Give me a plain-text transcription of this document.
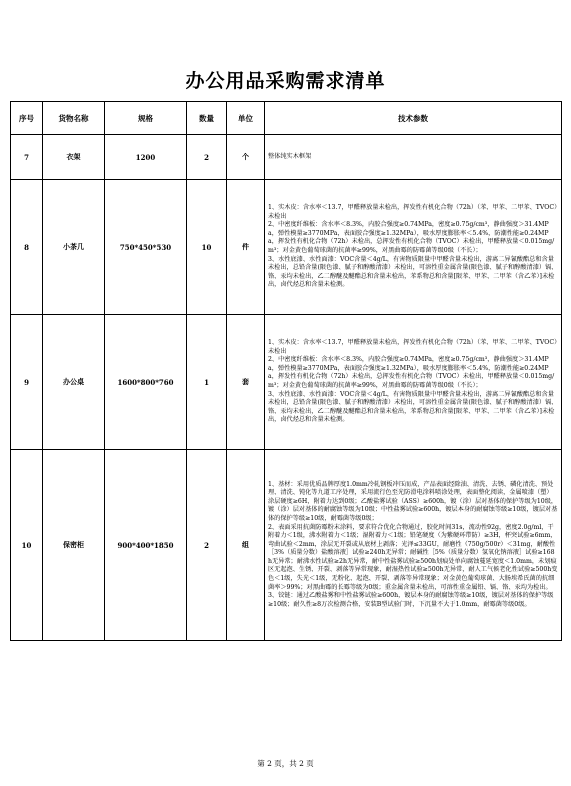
办公用品采购需求清单
序号	货物名称	规格	数量	单位	技术参数
7	衣架	1200	2	个	整体纯实木框架

8	小茶几	750*450*530	10	件	1、实木皮：含水率＜13.7，甲醛释放量未检出，挥发性有机化合物（72h）（苯、甲苯、二甲苯、TVOC）未检出
2、中密度纤维板：含水率＜8.3%，内胶合强度≥0.74MPa，密度≥0.75g/cm³，静曲强度＞31.4MPa，弹性模量≥3770MPa，表面胶合强度≥1.32MPa），吸水厚度膨胀率＜5.4%，防潮性能≥0.24MPa，挥发性有机化合物（72h）未检出，总挥发性有机化合物（TVOC）未检出，甲醛释放量＜0.015mg/m³；对金黄色葡萄球菌的抗菌率≥99%，对黑曲霉的防霉菌等级0级（不长）；
3、水性底漆、水性面漆：VOC含量＜4g/L，有害物质限量中甲醛含量未检出，游离二异氰酸酯总和含量未检出，总铅含量(限色漆、腻子和醇酸清漆）未检出，可溶性重金属含量(限色漆、腻子和醇酸清漆）镉、铬、汞均未检出，乙二醇醚及醚酯总和含量未检出，苯系物总和含量[限苯、甲苯、二甲苯（含乙苯）]未检出，卤代烃总和含量未检测。

9	办公桌	1600*800*760	1	套	1、实木皮：含水率＜13.7，甲醛释放量未检出，挥发性有机化合物（72h）（苯、甲苯、二甲苯、TVOC）未检出
2、中密度纤维板：含水率＜8.3%，内胶合强度≥0.74MPa，密度≥0.75g/cm³，静曲强度＞31.4MPa，弹性模量≥3770MPa，表面胶合强度≥1.32MPa），吸水厚度膨胀率＜5.4%，防潮性能≥0.24MPa，挥发性有机化合物（72h）未检出，总挥发性有机化合物（TVOC）未检出，甲醛释放量＜0.015mg/m³；对金黄色葡萄球菌的抗菌率≥99%，对黑曲霉的防霉菌等级0级（不长）；
3、水性底漆、水性面漆：VOC含量＜4g/L，有害物质限量中甲醛含量未检出，游离二异氰酸酯总和含量未检出，总铅含量(限色漆、腻子和醇酸清漆）未检出，可溶性重金属含量(限色漆、腻子和醇酸清漆）镉、铬、汞均未检出，乙二醇醚及醚酯总和含量未检出，苯系物总和含量[限苯、甲苯、二甲苯（含乙苯）]未检出，卤代烃总和含量未检测。

10	保密柜	900*400*1850	2	组	1、基材：采用优质品牌厚度1.0mm冷轧钢板冲压而成，产品表面经除油、清洗、去锈、磷化清洗、预处理、清洗、钝化等九道工序处理，采用流行色至光防滑电涂料喷涂处理，表面整化阅读，金属喷漆（塑）涂层硬度≥6H，附着力达到0级；乙酸盐雾试验（ASS）≥600h，镀（涂）层对基体的保护等级为10级，镀（涂）层对基体的耐腐蚀等级为10级；中性盐雾试验≥600h，镀层本身的耐腐蚀等级≥10级，镀层对基体的保护等级≥10级，耐霉菌等级0级；
2、表面采用抗菌防霉粉末涂料，要求符合优化合物通过，胶化时间31s，流动性92g，密度2.0g/ml，干附着力＜1级，沸水附着力＜1级；湿附着力＜1级；铅笔硬度（为紫硬环带防）≥3H，杯突试验≥6mm，弯曲试验＜2mm，涂层无开裂或从底材上剥落；光泽≤33GU，耐磨性（750g/500r）＜31mg，耐酸性［3%（质量分数）盐酸溶液］试验≥240h无异常；耐碱性［5%（质量分数）氢氧化钠溶液］试验≥168h无异常；耐沸水性试验≥2h无异常，耐中性盐雾试验≥500h划痕处单向腐蚀蔓延宽度＜1.0mm，未划痕区无起泡、生锈、开裂、剥落等异常现象，耐湿热性试验≥500h无异常，耐人工气候老化性试验≥500h变色＜1级，失光＜1级，无粉化、起泡、开裂、剥落等异常现象；对金黄色葡萄球菌、大肠埃希氏菌的抗细菌率＞99%；对黑曲霉的长霉等级为0级；重金属含量未检出，可溶性重金属铅、镉、铬、汞均为检出。
3、铰链：通过乙酸盐雾和中性盐雾试验≥600h，镀层本身的耐腐蚀等级≥10级，镀层对基体的保护等级≥10级；耐久性≥8万次检测合格，安装B型试验门时，下沉量不大于1.0mm，耐霉菌等级0级。
第 2 页，共 2 页
